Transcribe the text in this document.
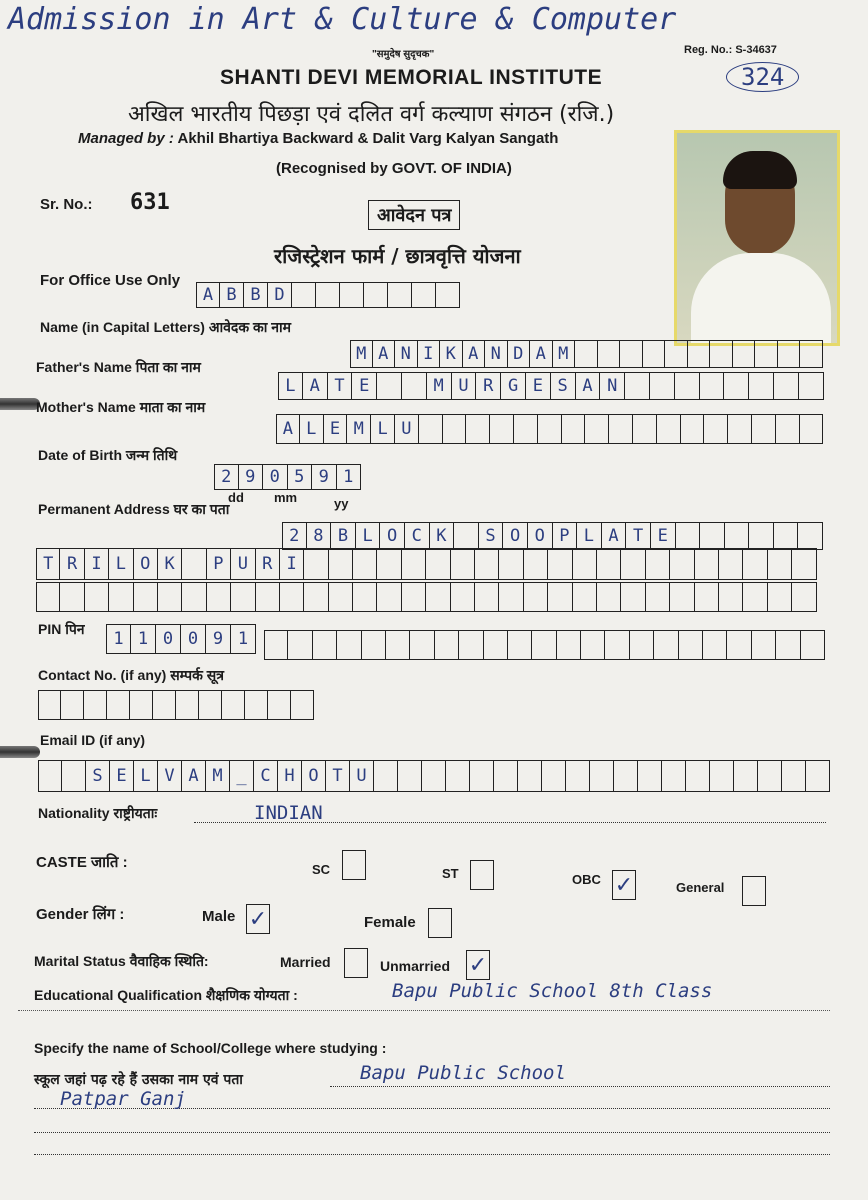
Admission in Art & Culture & Computer
"समुदेष सुदृचक"	Reg. No.: S-34637
324
SHANTI DEVI MEMORIAL INSTITUTE
अखिल भारतीय पिछड़ा एवं दलित वर्ग कल्याण संगठन (रजि.)
Managed by : Akhil Bhartiya Backward & Dalit Varg Kalyan Sangath
(Recognised by GOVT. OF INDIA)
Sr. No.: 631
आवेदन पत्र
रजिस्ट्रेशन फार्म / छात्रवृत्ति योजना
For Office Use Only
A B B D
Name (in Capital Letters) आवेदक का नाम
M A N I K A N D A M
Father's Name पिता का नाम
L A T E	M U R G E S A N
Mother's Name माता का नाम
A L E M L U
Date of Birth जन्म तिथि
2 9 0 5 9 1
dd mm	yy
Permanent Address घर का पता
2 8 B L O C K	S O O P L A T E
T R I L O K	P U R I
PIN पिन	1 1 0 0 9 1
Contact No. (if any) सम्पर्क सूत्र
Email ID (if any)
S E L V A M _ C H O T U
Nationality राष्ट्रीयताः	INDIAN
CASTE जाति :	SC	ST	OBC ✓	General
Gender लिंग :	Male ✓	Female
Marital Status वैवाहिक स्थिति:	Married	Unmarried ✓
Educational Qualification शैक्षणिक योग्यता :	Bapu Public School 8th Class
Specify the name of School/College where studying :
स्कूल जहां पढ़ रहे हैं उसका नाम एवं पता	Bapu Public School
Patpar Ganj
